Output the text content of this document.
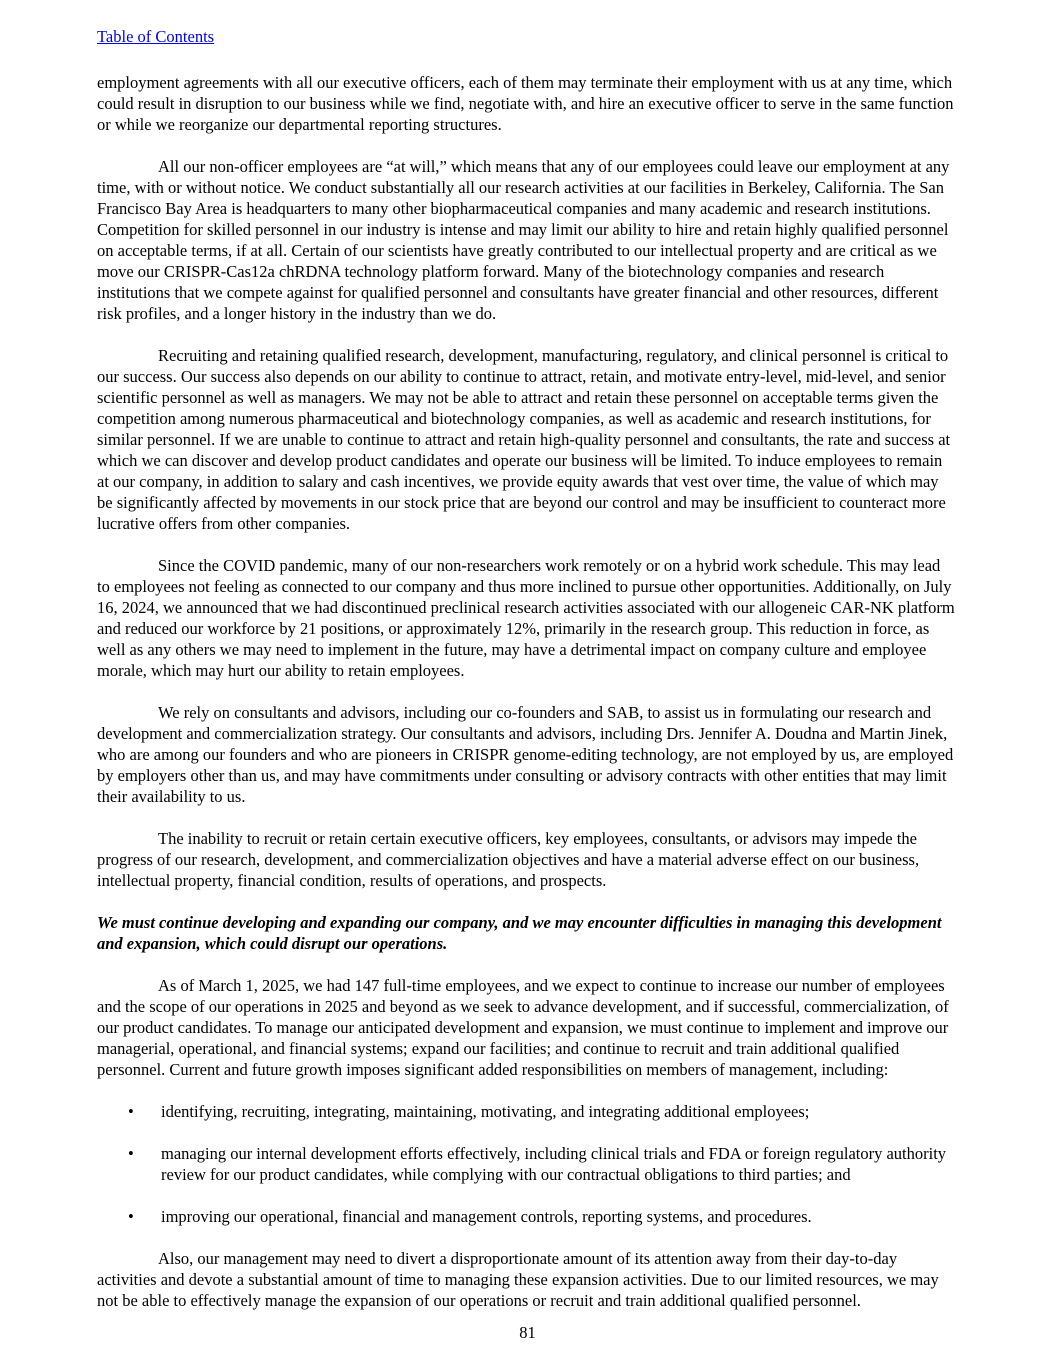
Table of Contents

employment agreements with all our executive officers, each of them may terminate their employment with us at any time, which could result in disruption to our business while we find, negotiate with, and hire an executive officer to serve in the same function or while we reorganize our departmental reporting structures.

All our non-officer employees are “at will,” which means that any of our employees could leave our employment at any time, with or without notice. We conduct substantially all our research activities at our facilities in Berkeley, California. The San Francisco Bay Area is headquarters to many other biopharmaceutical companies and many academic and research institutions. Competition for skilled personnel in our industry is intense and may limit our ability to hire and retain highly qualified personnel on acceptable terms, if at all. Certain of our scientists have greatly contributed to our intellectual property and are critical as we move our CRISPR-Cas12a chRDNA technology platform forward. Many of the biotechnology companies and research institutions that we compete against for qualified personnel and consultants have greater financial and other resources, different risk profiles, and a longer history in the industry than we do.

Recruiting and retaining qualified research, development, manufacturing, regulatory, and clinical personnel is critical to our success. Our success also depends on our ability to continue to attract, retain, and motivate entry-level, mid-level, and senior scientific personnel as well as managers. We may not be able to attract and retain these personnel on acceptable terms given the competition among numerous pharmaceutical and biotechnology companies, as well as academic and research institutions, for similar personnel. If we are unable to continue to attract and retain high-quality personnel and consultants, the rate and success at which we can discover and develop product candidates and operate our business will be limited. To induce employees to remain at our company, in addition to salary and cash incentives, we provide equity awards that vest over time, the value of which may be significantly affected by movements in our stock price that are beyond our control and may be insufficient to counteract more lucrative offers from other companies.

Since the COVID pandemic, many of our non-researchers work remotely or on a hybrid work schedule. This may lead to employees not feeling as connected to our company and thus more inclined to pursue other opportunities. Additionally, on July 16, 2024, we announced that we had discontinued preclinical research activities associated with our allogeneic CAR-NK platform and reduced our workforce by 21 positions, or approximately 12%, primarily in the research group. This reduction in force, as well as any others we may need to implement in the future, may have a detrimental impact on company culture and employee morale, which may hurt our ability to retain employees.

We rely on consultants and advisors, including our co-founders and SAB, to assist us in formulating our research and development and commercialization strategy. Our consultants and advisors, including Drs. Jennifer A. Doudna and Martin Jinek, who are among our founders and who are pioneers in CRISPR genome-editing technology, are not employed by us, are employed by employers other than us, and may have commitments under consulting or advisory contracts with other entities that may limit their availability to us.

The inability to recruit or retain certain executive officers, key employees, consultants, or advisors may impede the progress of our research, development, and commercialization objectives and have a material adverse effect on our business, intellectual property, financial condition, results of operations, and prospects.

We must continue developing and expanding our company, and we may encounter difficulties in managing this development and expansion, which could disrupt our operations.

As of March 1, 2025, we had 147 full-time employees, and we expect to continue to increase our number of employees and the scope of our operations in 2025 and beyond as we seek to advance development, and if successful, commercialization, of our product candidates. To manage our anticipated development and expansion, we must continue to implement and improve our managerial, operational, and financial systems; expand our facilities; and continue to recruit and train additional qualified personnel. Current and future growth imposes significant added responsibilities on members of management, including:

•	identifying, recruiting, integrating, maintaining, motivating, and integrating additional employees;
•	managing our internal development efforts effectively, including clinical trials and FDA or foreign regulatory authority review for our product candidates, while complying with our contractual obligations to third parties; and
•	improving our operational, financial and management controls, reporting systems, and procedures.

Also, our management may need to divert a disproportionate amount of its attention away from their day-to-day activities and devote a substantial amount of time to managing these expansion activities. Due to our limited resources, we may not be able to effectively manage the expansion of our operations or recruit and train additional qualified personnel.

81
